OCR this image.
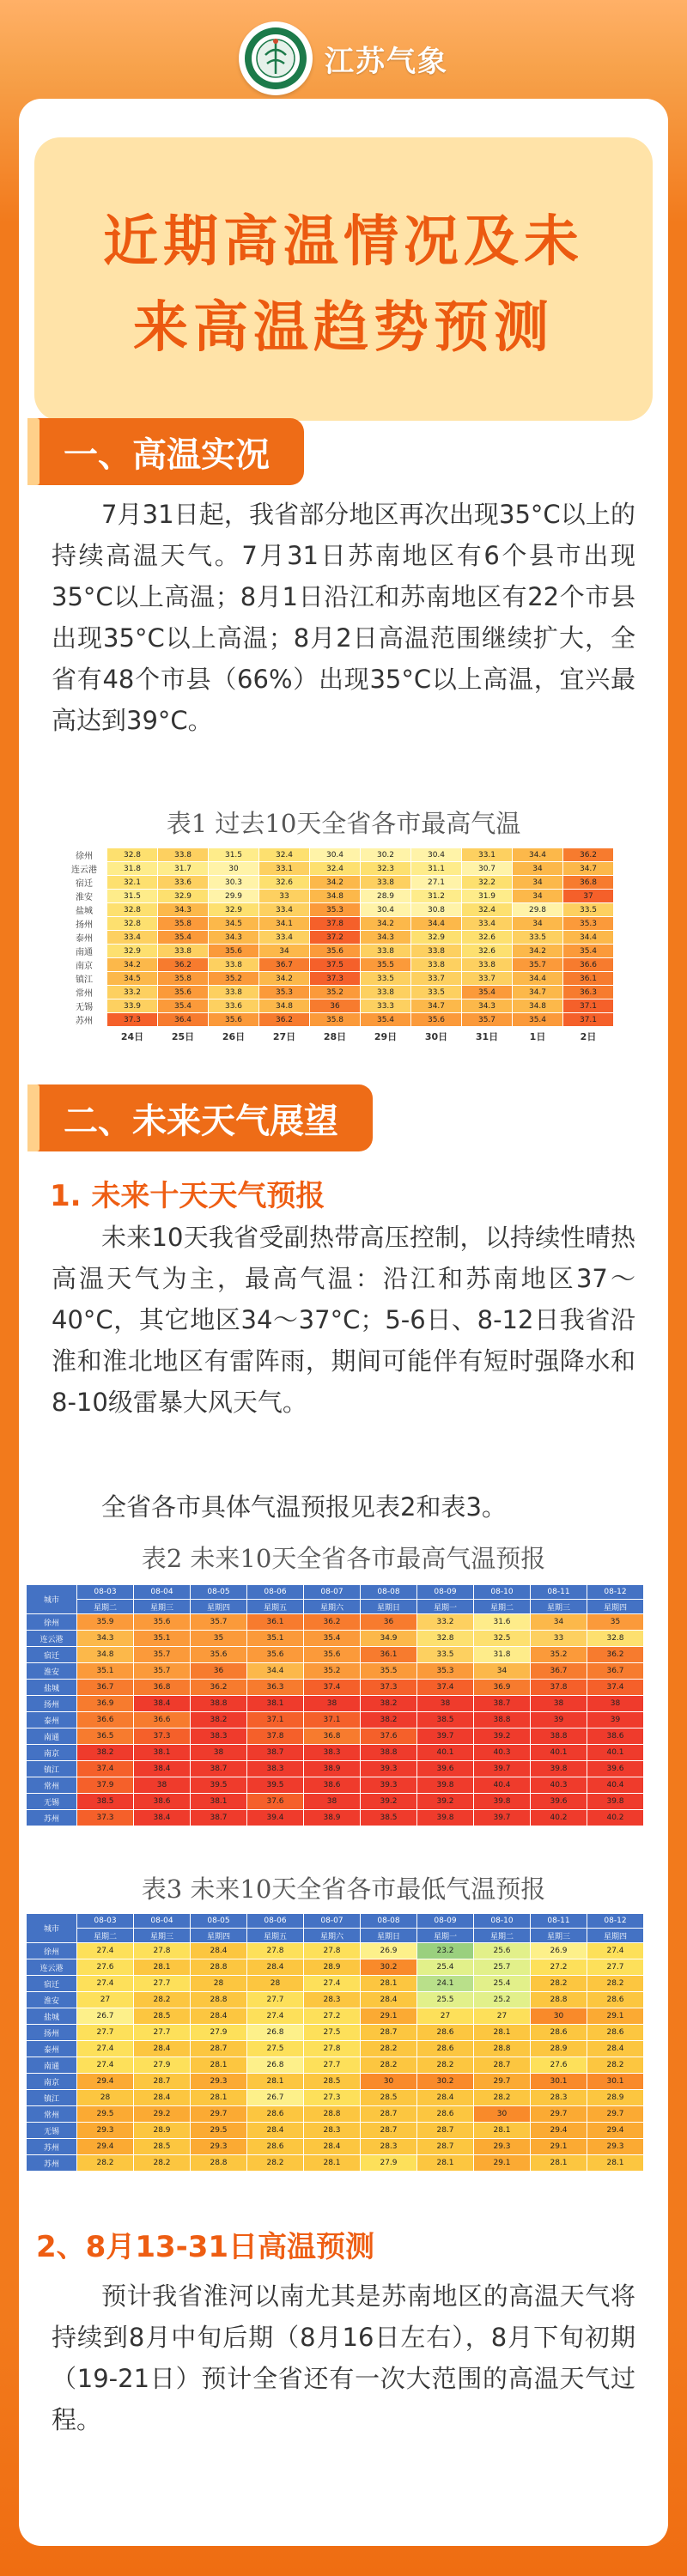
江苏气象
近期高温情况及未
来高温趋势预测
一、高温实况
7月31日起，我省部分地区再次出现35°C以上的持续高温天气。7月31日苏南地区有6个县市出现35°C以上高温；8月1日沿江和苏南地区有22个市县出现35°C以上高温；8月2日高温范围继续扩大，全省有48个市县（66%）出现35°C以上高温，宜兴最高达到39°C。
表1 过去10天全省各市最高气温
徐州	32.8	33.8	31.5	32.4	30.4	30.2	30.4	33.1	34.4	36.2
连云港	31.8	31.7	30	33.1	32.4	32.3	31.1	30.7	34	34.7
宿迁	32.1	33.6	30.3	32.6	34.2	33.8	27.1	32.2	34	36.8
淮安	31.5	32.9	29.9	33	34.8	28.9	31.2	31.9	34	37
盐城	32.8	34.3	32.9	33.4	35.3	30.4	30.8	32.4	29.8	33.5
扬州	32.8	35.8	34.5	34.1	37.8	34.2	34.4	33.4	34	35.3
泰州	33.4	35.4	34.3	33.4	37.2	34.3	32.9	32.6	33.5	34.4
南通	32.9	33.8	35.6	34	35.6	33.8	33.8	32.6	34.2	35.4
南京	34.2	36.2	33.8	36.7	37.5	35.5	33.8	33.8	35.7	36.6
镇江	34.5	35.8	35.2	34.2	37.3	33.5	33.7	33.7	34.4	36.1
常州	33.2	35.6	33.8	35.3	35.2	33.8	33.5	35.4	34.7	36.3
无锡	33.9	35.4	33.6	34.8	36	33.3	34.7	34.3	34.8	37.1
苏州	37.3	36.4	35.6	36.2	35.8	35.4	35.6	35.7	35.4	37.1
	24日	25日	26日	27日	28日	29日	30日	31日	1日	2日
二、未来天气展望
1. 未来十天天气预报
未来10天我省受副热带高压控制，以持续性晴热高温天气为主，最高气温：沿江和苏南地区37～40°C，其它地区34～37°C；5-6日、8-12日我省沿淮和淮北地区有雷阵雨，期间可能伴有短时强降水和8-10级雷暴大风天气。
全省各市具体气温预报见表2和表3。
表2 未来10天全省各市最高气温预报
城市	08-03	08-04	08-05	08-06	08-07	08-08	08-09	08-10	08-11	08-12
	星期二	星期三	星期四	星期五	星期六	星期日	星期一	星期二	星期三	星期四
徐州	35.9	35.6	35.7	36.1	36.2	36	33.2	31.6	34	35
连云港	34.3	35.1	35	35.1	35.4	34.9	32.8	32.5	33	32.8
宿迁	34.8	35.7	35.6	35.6	35.6	36.1	33.5	31.8	35.2	36.2
淮安	35.1	35.7	36	34.4	35.2	35.5	35.3	34	36.7	36.7
盐城	36.7	36.8	36.2	36.3	37.4	37.3	37.4	36.9	37.8	37.4
扬州	36.9	38.4	38.8	38.1	38	38.2	38	38.7	38	38
泰州	36.6	36.6	38.2	37.1	37.1	38.2	38.5	38.8	39	39
南通	36.5	37.3	38.3	37.8	36.8	37.6	39.7	39.2	38.8	38.6
南京	38.2	38.1	38	38.7	38.3	38.8	40.1	40.3	40.1	40.1
镇江	37.4	38.4	38.7	38.3	38.9	39.3	39.6	39.7	39.8	39.6
常州	37.9	38	39.5	39.5	38.6	39.3	39.8	40.4	40.3	40.4
无锡	38.5	38.6	38.1	37.6	38	39.2	39.2	39.8	39.6	39.8
苏州	37.3	38.4	38.7	39.4	38.9	38.5	39.8	39.7	40.2	40.2
表3 未来10天全省各市最低气温预报
城市	08-03	08-04	08-05	08-06	08-07	08-08	08-09	08-10	08-11	08-12
	星期二	星期三	星期四	星期五	星期六	星期日	星期一	星期二	星期三	星期四
徐州	27.4	27.8	28.4	27.8	27.8	26.9	23.2	25.6	26.9	27.4
连云港	27.6	28.1	28.8	28.4	28.9	30.2	25.4	25.7	27.2	27.7
宿迁	27.4	27.7	28	28	27.4	28.1	24.1	25.4	28.2	28.2
淮安	27	28.2	28.8	27.7	28.3	28.4	25.5	25.2	28.8	28.6
盐城	26.7	28.5	28.4	27.4	27.2	29.1	27	27	30	29.1
扬州	27.7	27.7	27.9	26.8	27.5	28.7	28.6	28.1	28.6	28.6
泰州	27.4	28.4	28.7	27.5	27.8	28.2	28.6	28.8	28.9	28.4
南通	27.4	27.9	28.1	26.8	27.7	28.2	28.2	28.7	27.6	28.2
南京	29.4	28.7	29.3	28.1	28.5	30	30.2	29.7	30.1	30.1
镇江	28	28.4	28.1	26.7	27.3	28.5	28.4	28.2	28.3	28.9
常州	29.5	29.2	29.7	28.6	28.8	28.7	28.6	30	29.7	29.7
无锡	29.3	28.9	29.5	28.4	28.3	28.7	28.7	28.1	29.4	29.4
苏州	29.4	28.5	29.3	28.6	28.4	28.3	28.7	29.3	29.1	29.3
苏州	28.2	28.2	28.8	28.2	28.1	27.9	28.1	29.1	28.1	28.1
2、8月13-31日高温预测
预计我省淮河以南尤其是苏南地区的高温天气将持续到8月中旬后期（8月16日左右），8月下旬初期（19-21日）预计全省还有一次大范围的高温天气过程。
